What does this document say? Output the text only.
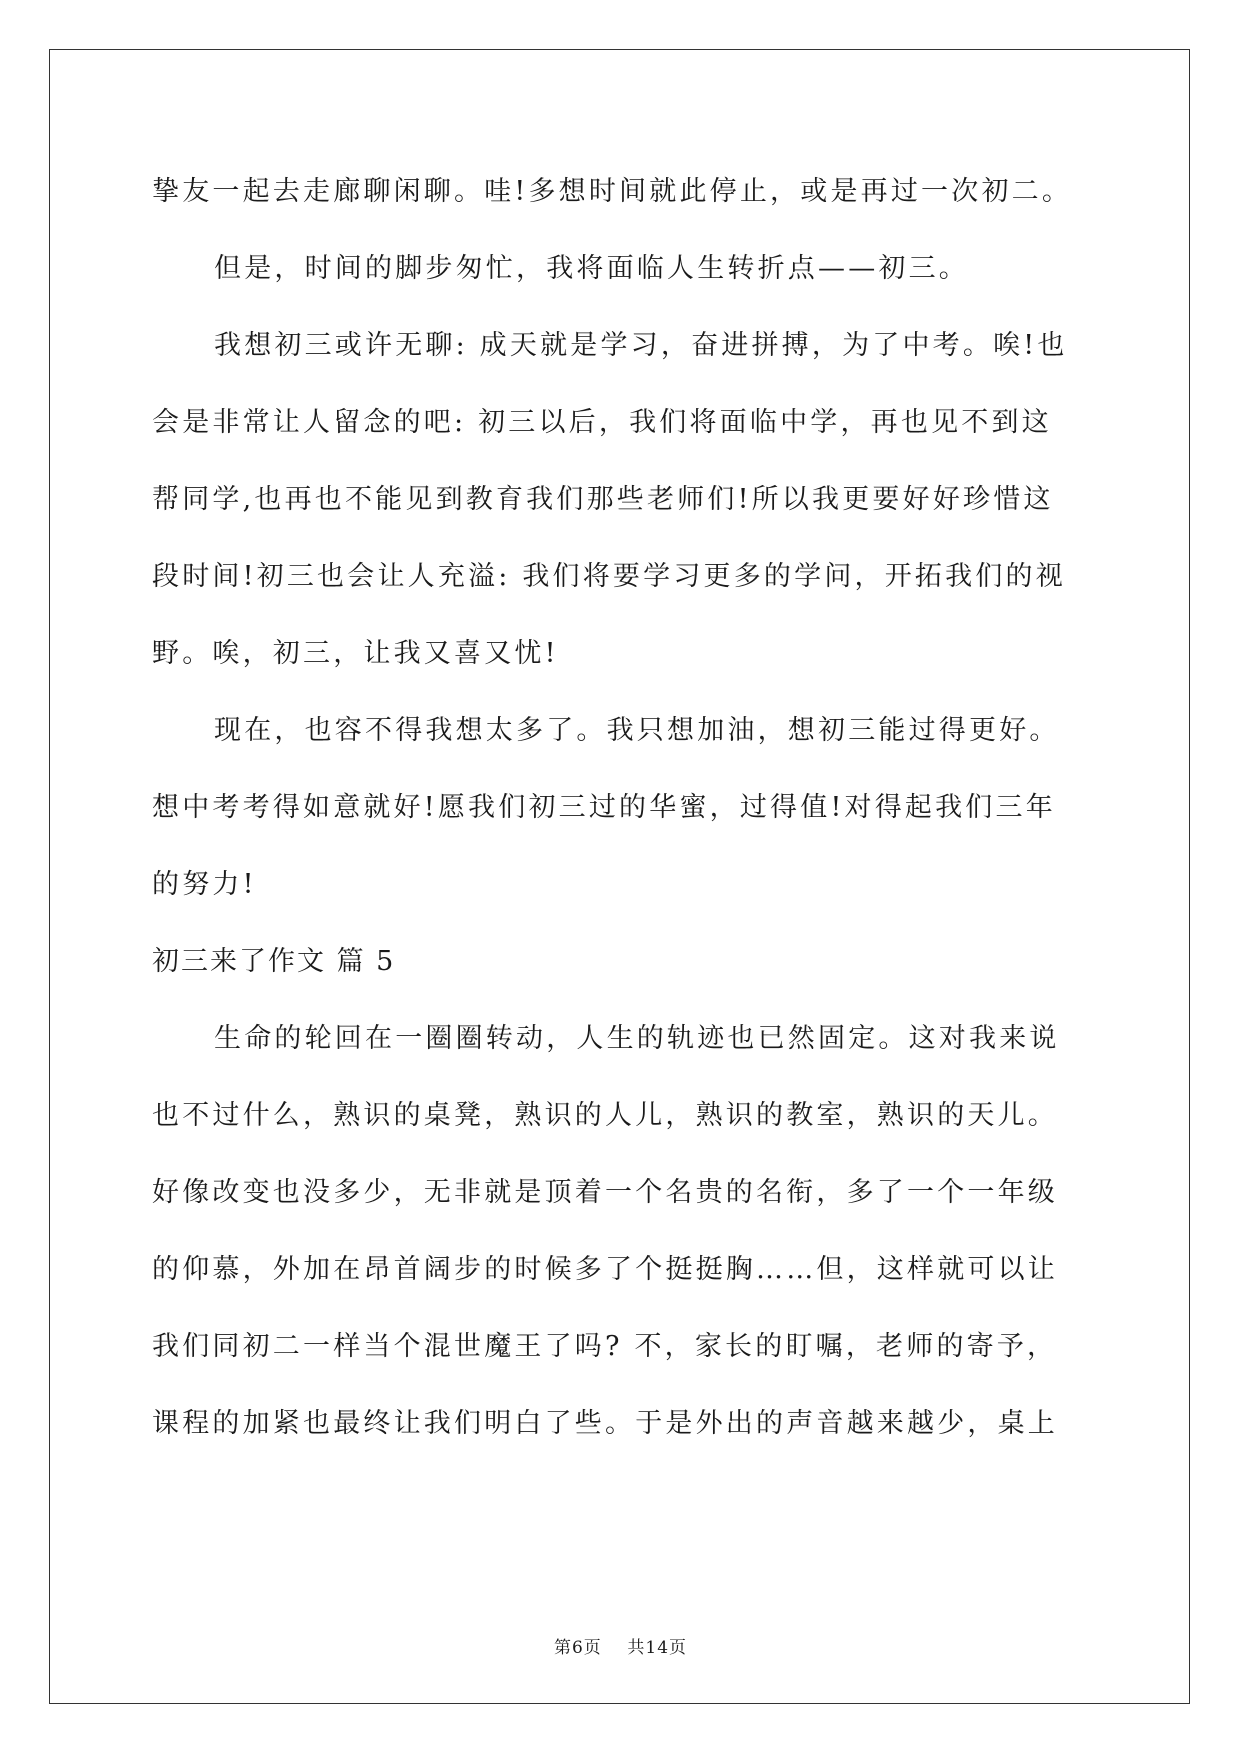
挚友一起去走廊聊闲聊。哇!多想时间就此停止，或是再过一次初二。
但是，时间的脚步匆忙，我将面临人生转折点——初三。
我想初三或许无聊: 成天就是学习，奋进拼搏，为了中考。唉!也
会是非常让人留念的吧: 初三以后，我们将面临中学，再也见不到这
帮同学,也再也不能见到教育我们那些老师们!所以我更要好好珍惜这
段时间!初三也会让人充溢: 我们将要学习更多的学问，开拓我们的视
野。唉，初三，让我又喜又忧!
现在，也容不得我想太多了。我只想加油，想初三能过得更好。
想中考考得如意就好!愿我们初三过的华蜜，过得值!对得起我们三年
的努力!
初三来了作文 篇 5
生命的轮回在一圈圈转动，人生的轨迹也已然固定。这对我来说
也不过什么，熟识的桌凳，熟识的人儿，熟识的教室，熟识的天儿。
好像改变也没多少，无非就是顶着一个名贵的名衔，多了一个一年级
的仰慕，外加在昂首阔步的时候多了个挺挺胸……但，这样就可以让
我们同初二一样当个混世魔王了吗? 不，家长的盯嘱，老师的寄予，
课程的加紧也最终让我们明白了些。于是外出的声音越来越少，桌上
第6页    共14页
